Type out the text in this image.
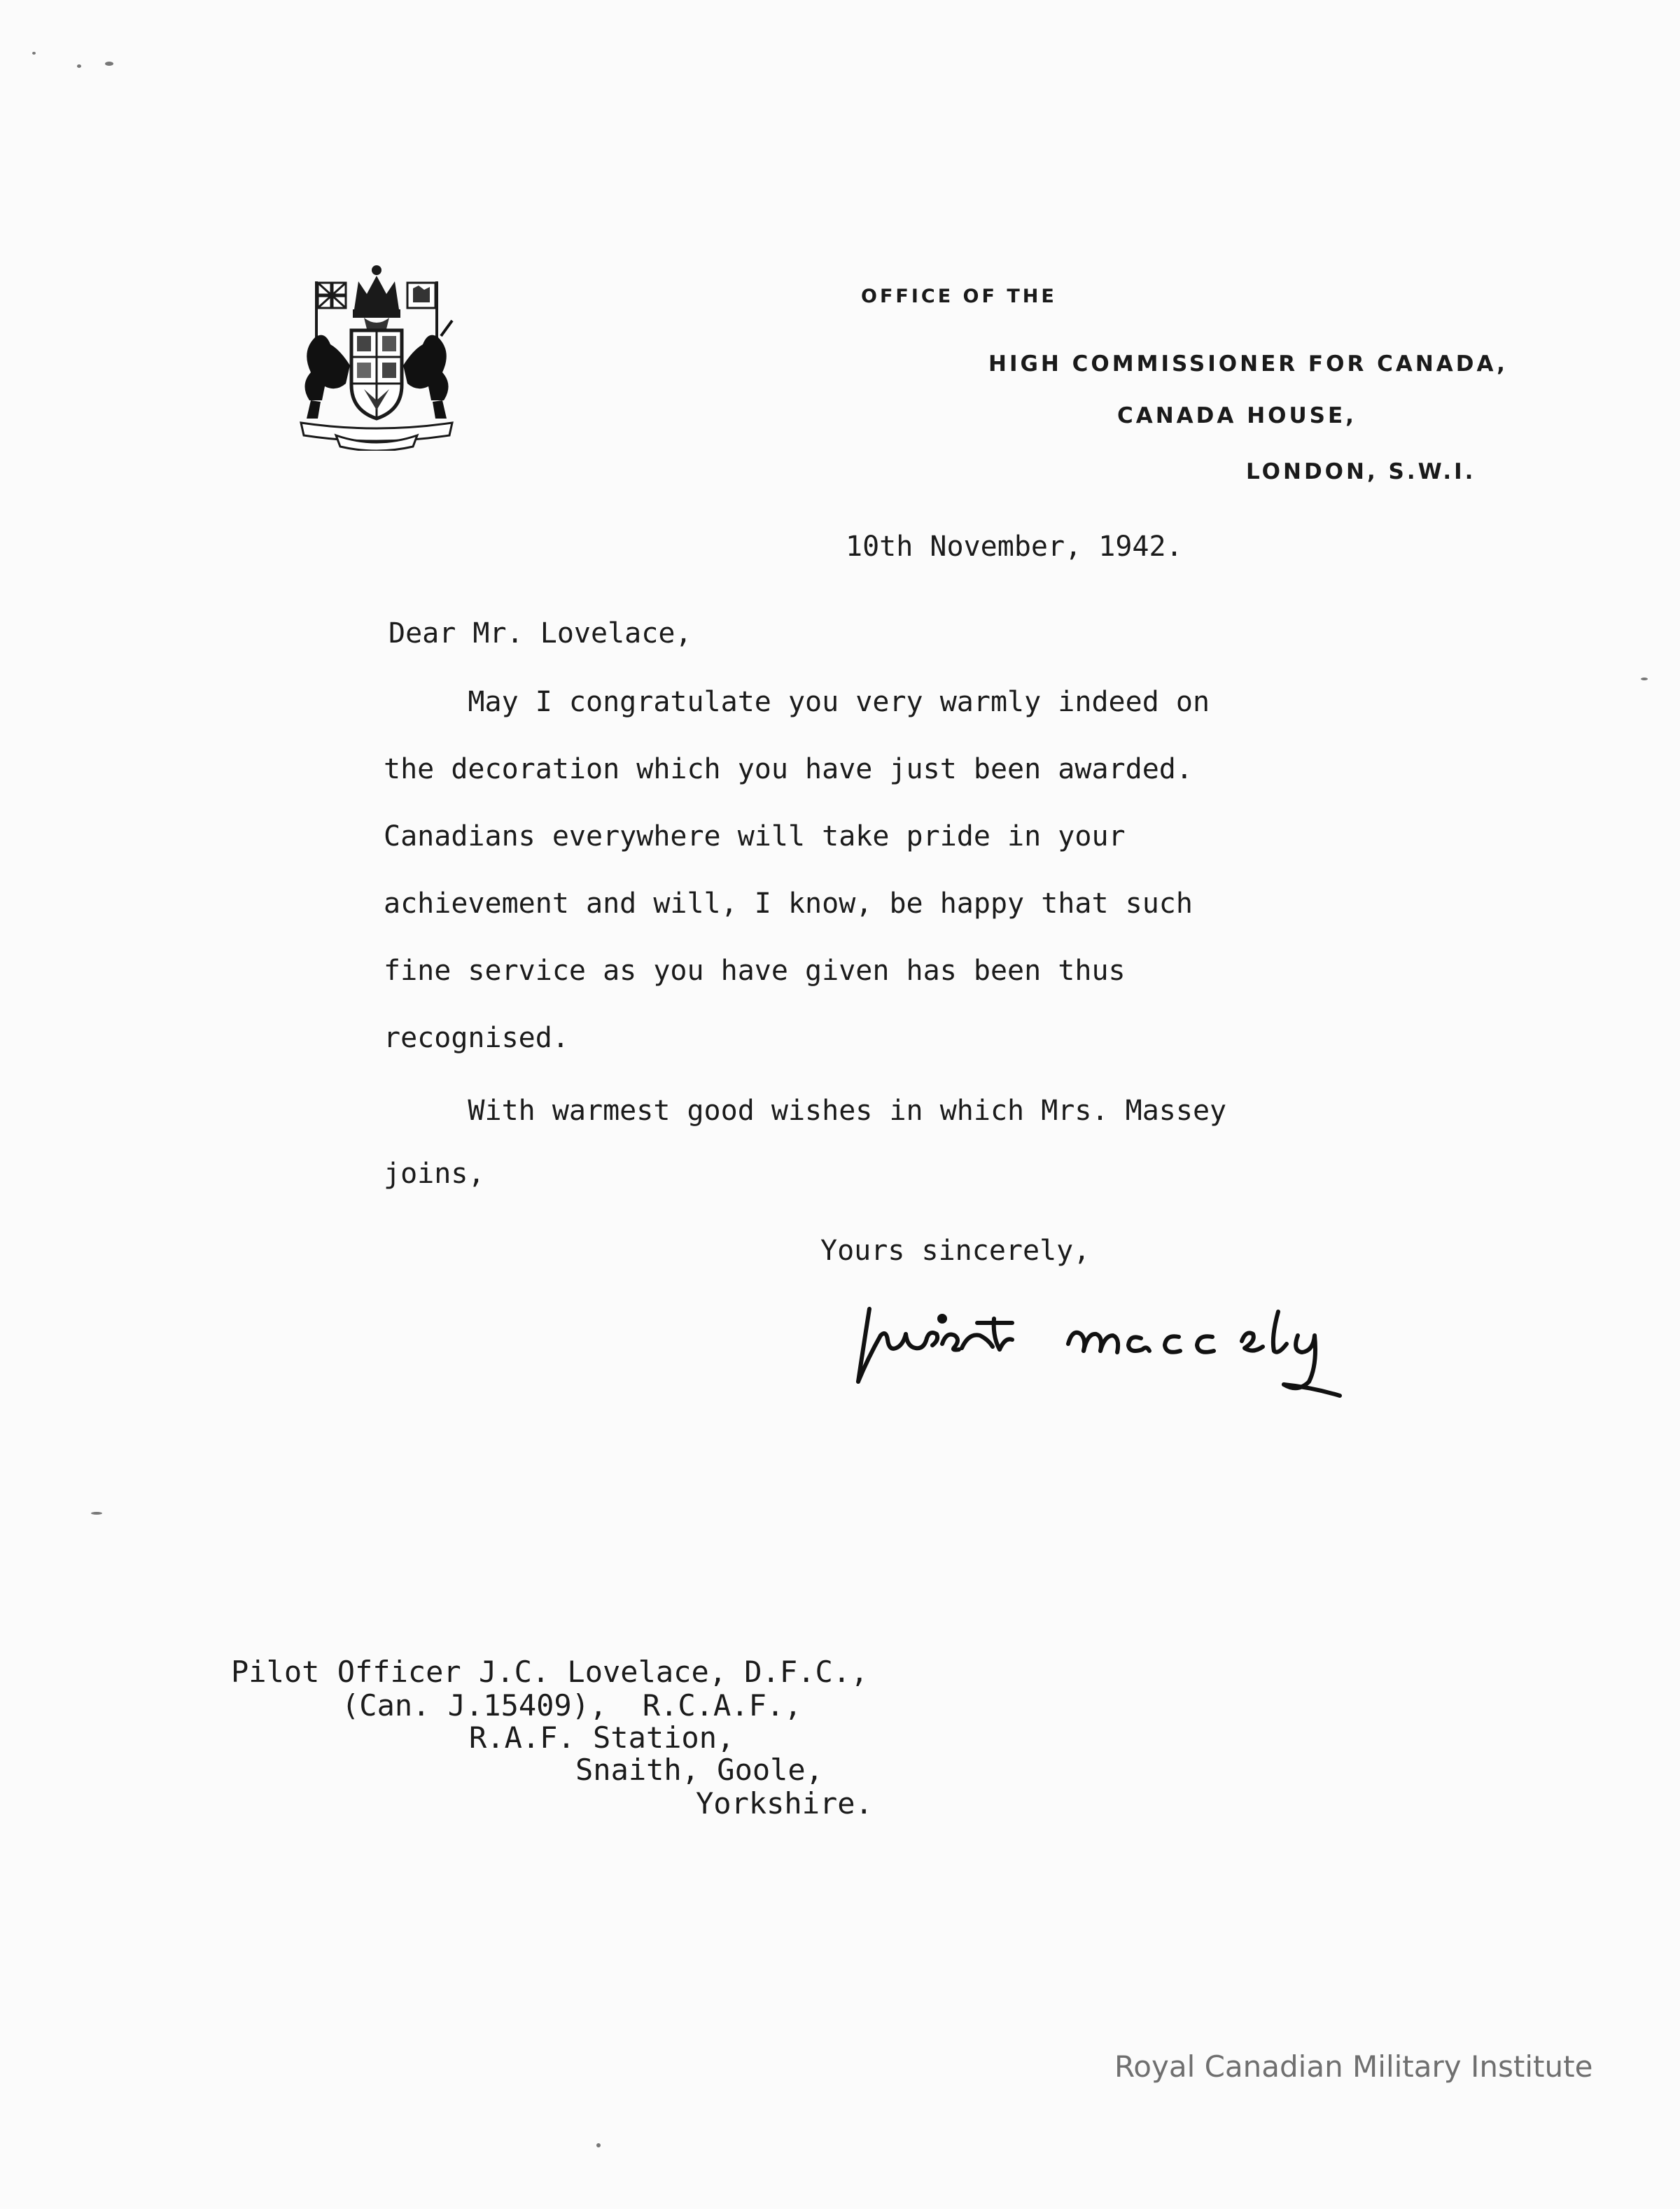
OFFICE OF THE
HIGH COMMISSIONER FOR CANADA,
CANADA HOUSE,
LONDON, S.W.I.
10th November, 1942.
Dear Mr. Lovelace,
May I congratulate you very warmly indeed on
the decoration which you have just been awarded.
Canadians everywhere will take pride in your
achievement and will, I know, be happy that such
fine service as you have given has been thus
recognised.
With warmest good wishes in which Mrs. Massey
joins,
Yours sincerely,
Pilot Officer J.C. Lovelace, D.F.C.,
(Can. J.15409),  R.C.A.F.,
R.A.F. Station,
Snaith, Goole,
Yorkshire.
Royal Canadian Military Institute
